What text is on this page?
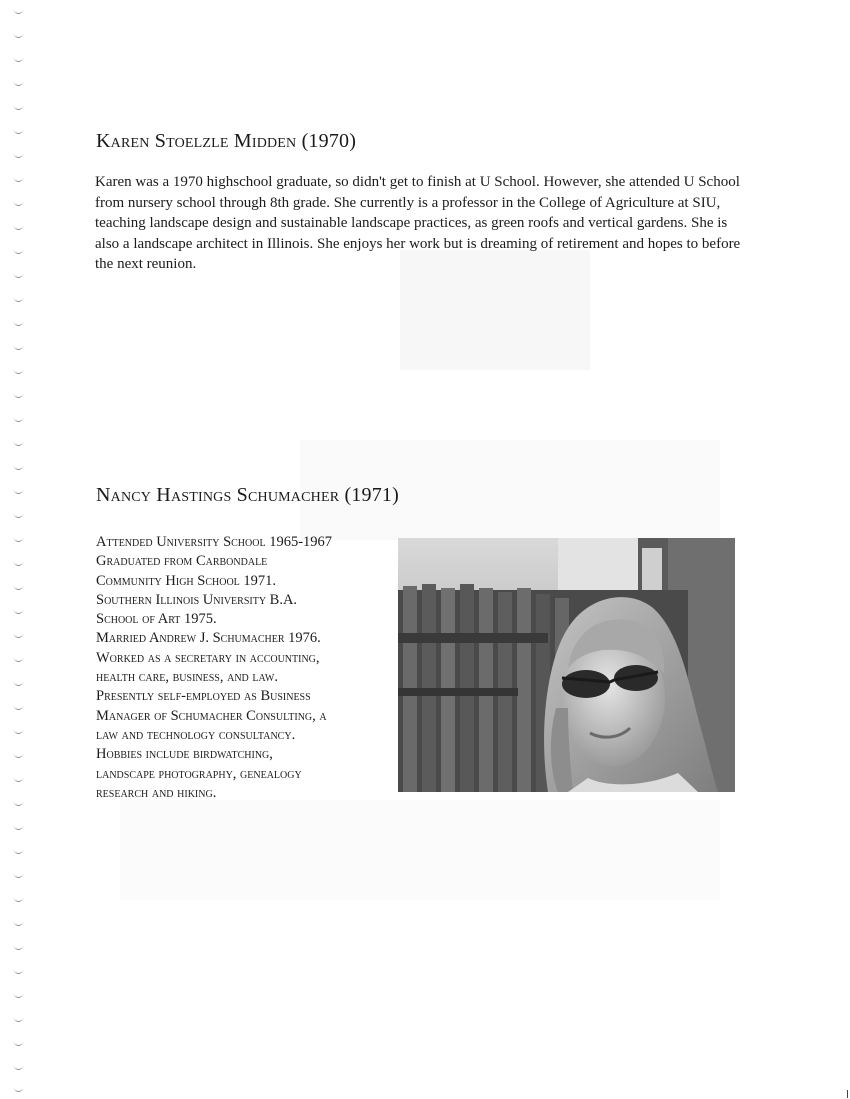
Karen Stoelzle Midden (1970)

Karen was a 1970 highschool graduate, so didn't get to finish at U School. However, she attended U School from nursery school through 8th grade. She currently is a professor in the College of Agriculture at SIU, teaching landscape design and sustainable landscape practices, as green roofs and vertical gardens. She is also a landscape architect in Illinois. She enjoys her work but is dreaming of retirement and hopes to before the next reunion.

Nancy Hastings Schumacher (1971)
Attended University School 1965-1967
Graduated from Carbondale
Community High School 1971.
Southern Illinois University B.A.
School of Art 1975.
Married Andrew J. Schumacher 1976.
Worked as a secretary in accounting,
health care, business, and law.
Presently self-employed as Business
Manager of Schumacher Consulting, a
law and technology consultancy.
Hobbies include birdwatching,
landscape photography, genealogy
research and hiking.
